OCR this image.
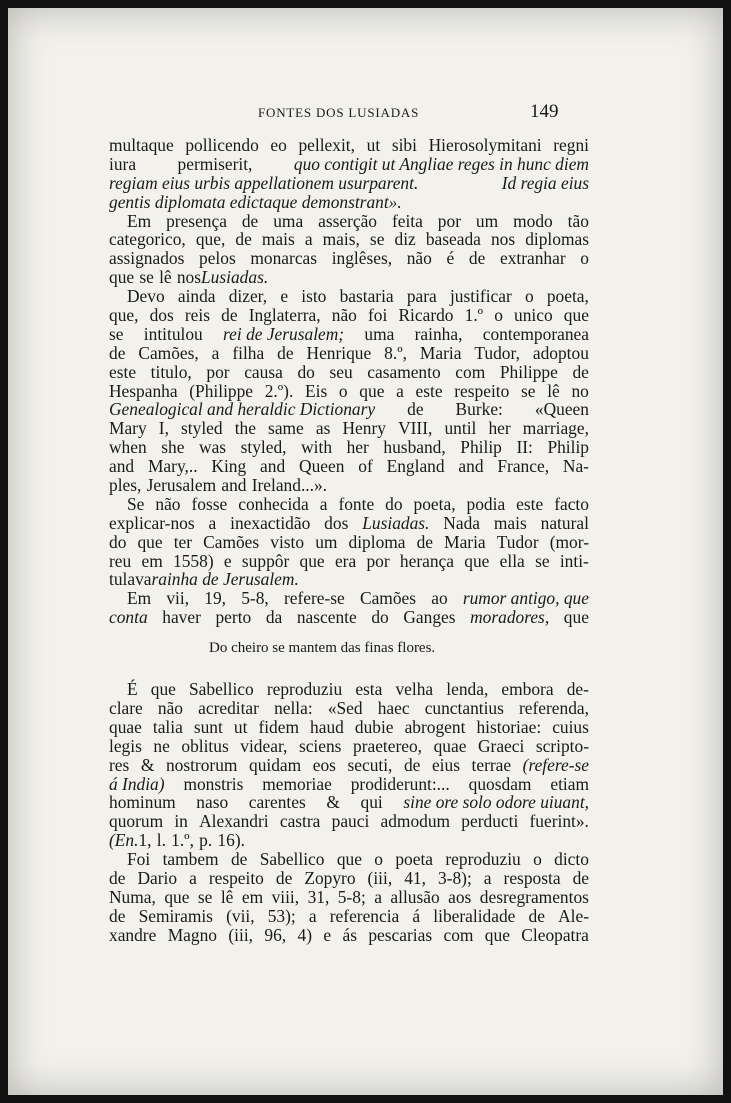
FONTES DOS LUSIADAS	149
multaque pollicendo eo pellexit, ut sibi Hierosolymitani regni
iura permiserit, quo contigit ut Angliae reges in hunc diem
regiam eius urbis appellationem usurparent.	Id regia eius
gentis diplomata edictaque demonstrant».
Em presença de uma asserção feita por um modo tão
categorico, que, de mais a mais, se diz baseada nos diplomas
assignados pelos monarcas inglêses, não é de extranhar o
que se lê nos Lusiadas.
Devo ainda dizer, e isto bastaria para justificar o poeta,
que, dos reis de Inglaterra, não foi Ricardo 1.º o unico que
se intitulou rei de Jerusalem; uma rainha, contemporanea
de Camões, a filha de Henrique 8.º, Maria Tudor, adoptou
este titulo, por causa do seu casamento com Philippe de
Hespanha (Philippe 2.º). Eis o que a este respeito se lê no
Genealogical and heraldic Dictionary de Burke: «Queen
Mary I, styled the same as Henry VIII, until her marriage,
when she was styled, with her husband, Philip II: Philip
and Mary,.. King and Queen of England and France, Na-
ples, Jerusalem and Ireland...».
Se não fosse conhecida a fonte do poeta, podia este facto
explicar-nos a inexactidão dos Lusiadas. Nada mais natural
do que ter Camões visto um diploma de Maria Tudor (mor-
reu em 1558) e suppôr que era por herança que ella se inti-
tulava rainha de Jerusalem.
Em vii, 19, 5-8, refere-se Camões ao rumor antigo, que
conta haver perto da nascente do Ganges moradores, que
Do cheiro se mantem das finas flores.
É que Sabellico reproduziu esta velha lenda, embora de-
clare não acreditar nella: «Sed haec cunctantius referenda,
quae talia sunt ut fidem haud dubie abrogent historiae: cuius
legis ne oblitus videar, sciens praetereo, quae Graeci scripto-
res & nostrorum quidam eos secuti, de eius terrae (refere-se
á India) monstris memoriae prodiderunt:... quosdam etiam
hominum naso carentes & qui sine ore solo odore uiuant,
quorum in Alexandri castra pauci admodum perducti fuerint».
(En. 1, l. 1.º, p. 16).
Foi tambem de Sabellico que o poeta reproduziu o dicto
de Dario a respeito de Zopyro (iii, 41, 3-8); a resposta de
Numa, que se lê em viii, 31, 5-8; a allusão aos desregramentos
de Semiramis (vii, 53); a referencia á liberalidade de Ale-
xandre Magno (iii, 96, 4) e ás pescarias com que Cleopatra
